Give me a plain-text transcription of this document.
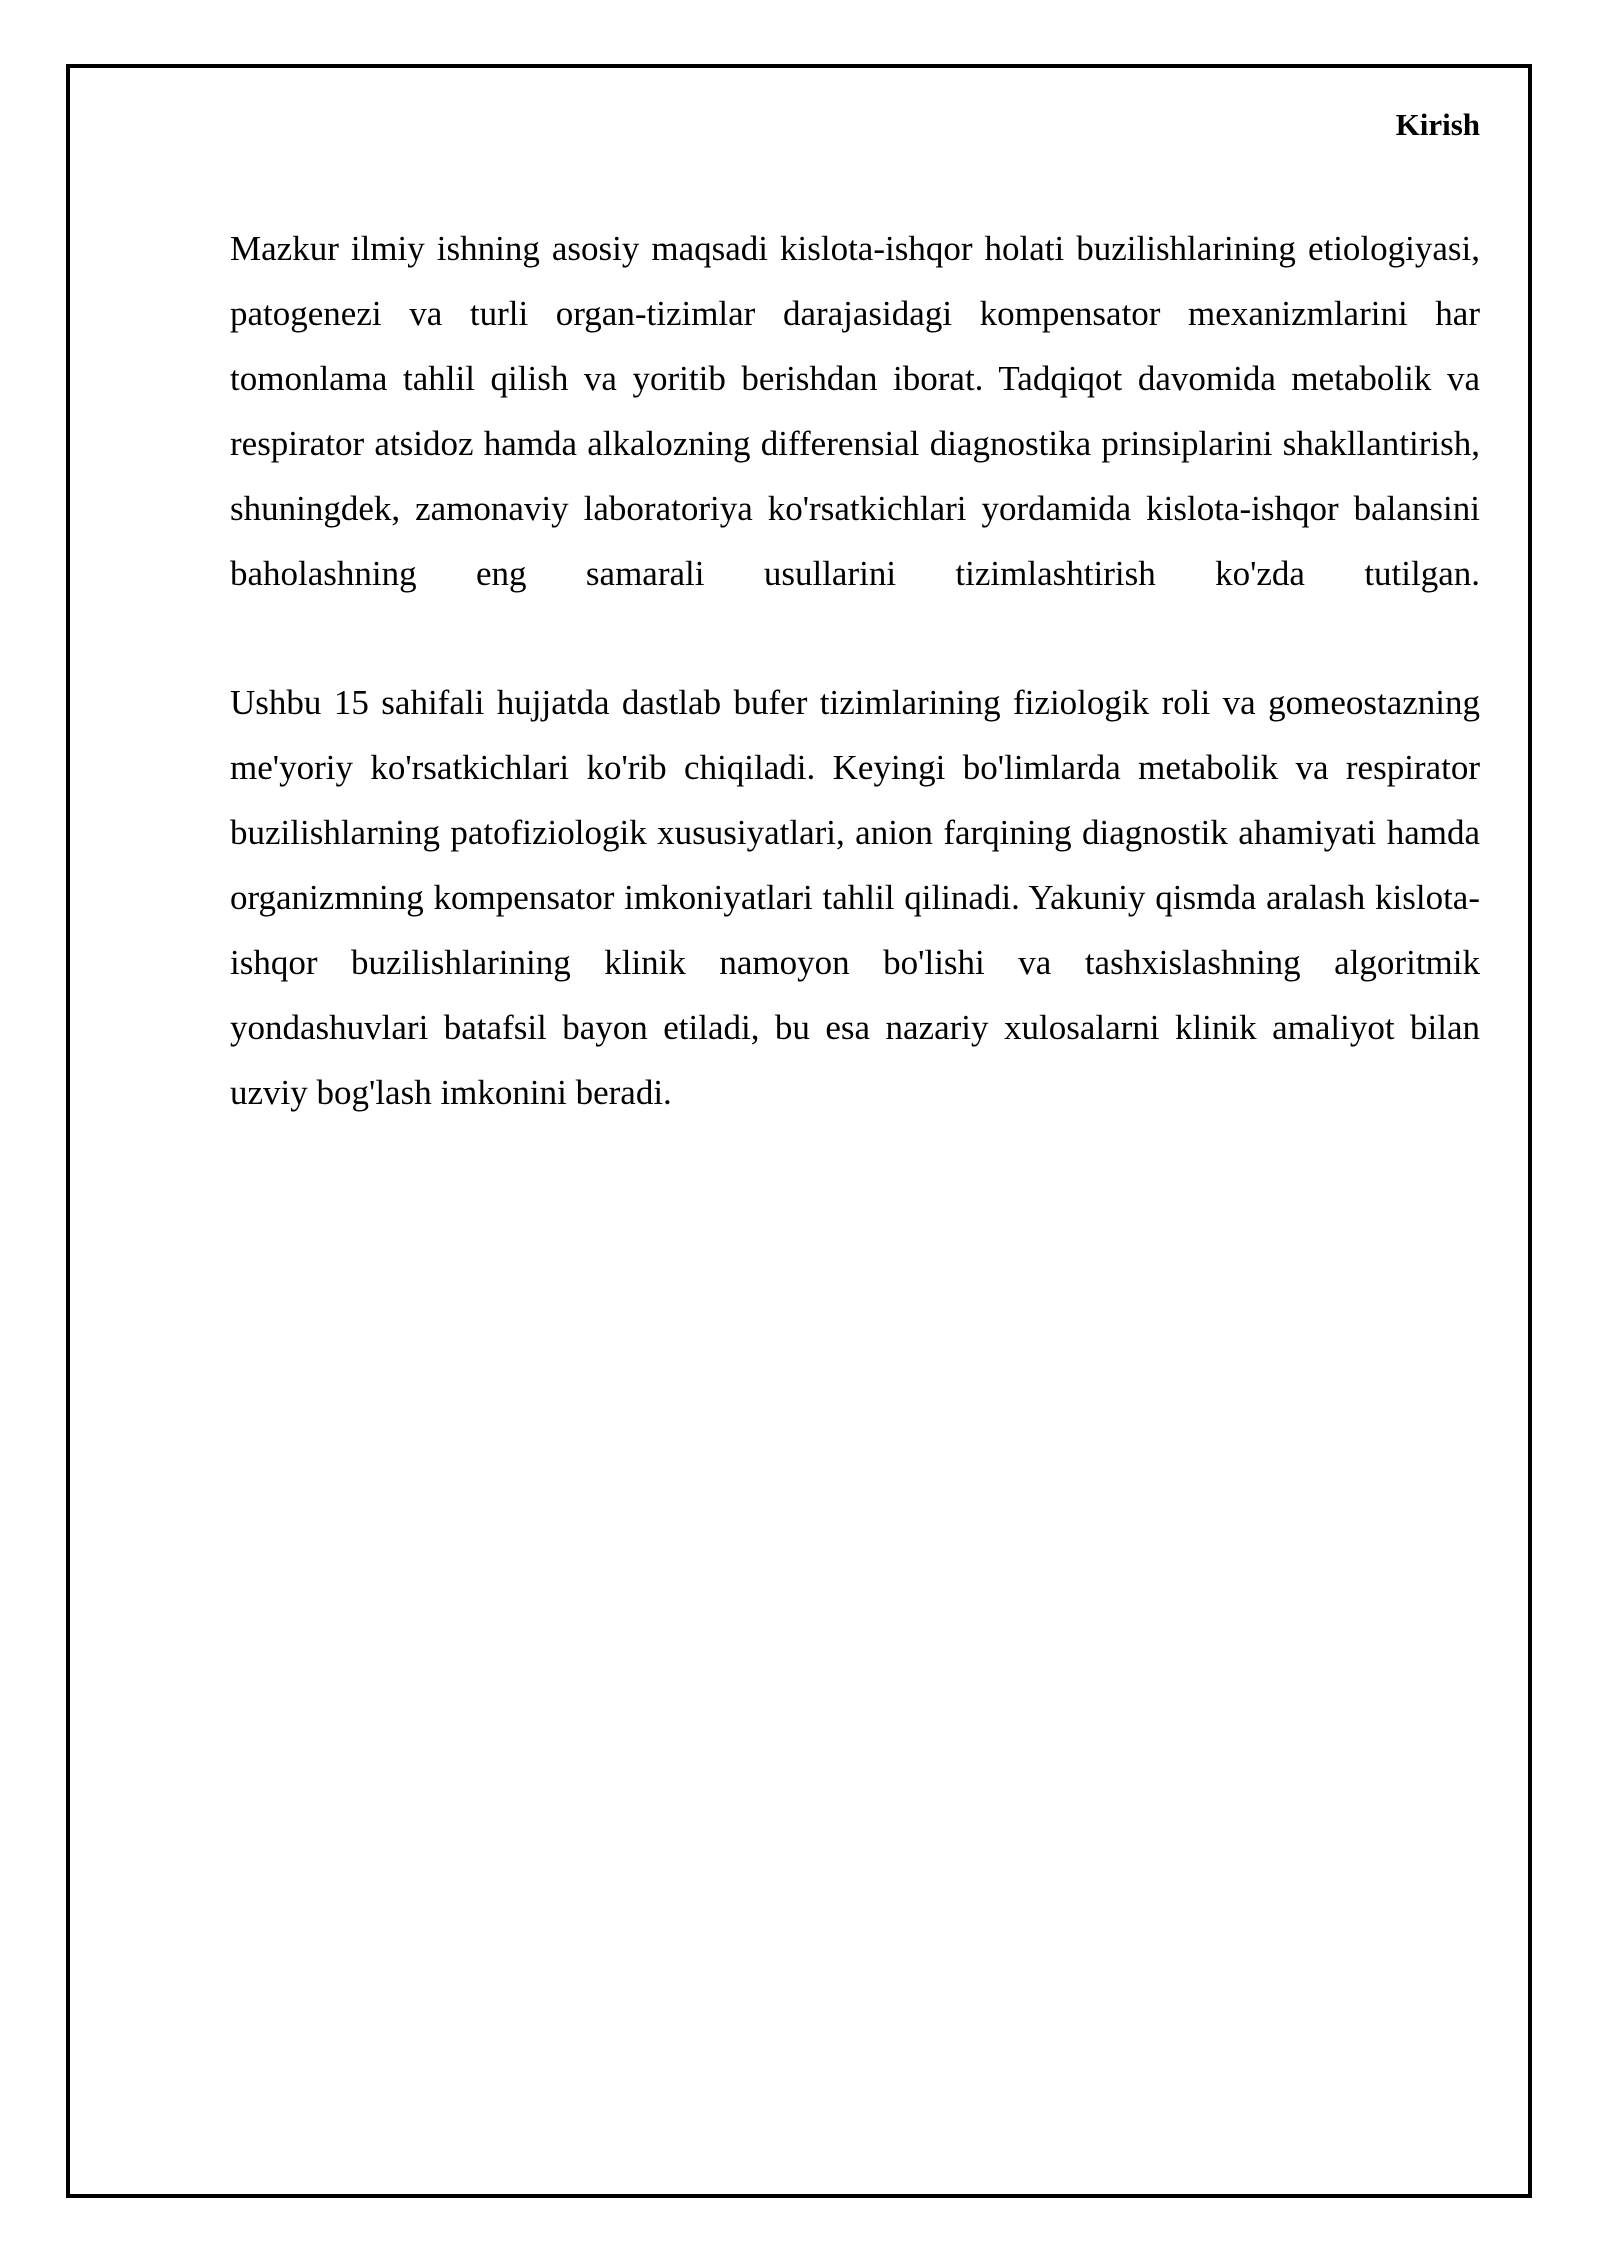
Kirish

Mazkur ilmiy ishning asosiy maqsadi kislota-ishqor holati buzilishlarining etiologiyasi, patogenezi va turli organ-tizimlar darajasidagi kompensator mexanizmlarini har tomonlama tahlil qilish va yoritib berishdan iborat. Tadqiqot davomida metabolik va respirator atsidoz hamda alkalozning differensial diagnostika prinsiplarini shakllantirish, shuningdek, zamonaviy laboratoriya ko'rsatkichlari yordamida kislota-ishqor balansini baholashning eng samarali usullarini tizimlashtirish ko'zda tutilgan.

Ushbu 15 sahifali hujjatda dastlab bufer tizimlarining fiziologik roli va gomeostazning me'yoriy ko'rsatkichlari ko'rib chiqiladi. Keyingi bo'limlarda metabolik va respirator buzilishlarning patofiziologik xususiyatlari, anion farqining diagnostik ahamiyati hamda organizmning kompensator imkoniyatlari tahlil qilinadi. Yakuniy qismda aralash kislota-ishqor buzilishlarining klinik namoyon bo'lishi va tashxislashning algoritmik yondashuvlari batafsil bayon etiladi, bu esa nazariy xulosalarni klinik amaliyot bilan uzviy bog'lash imkonini beradi.
